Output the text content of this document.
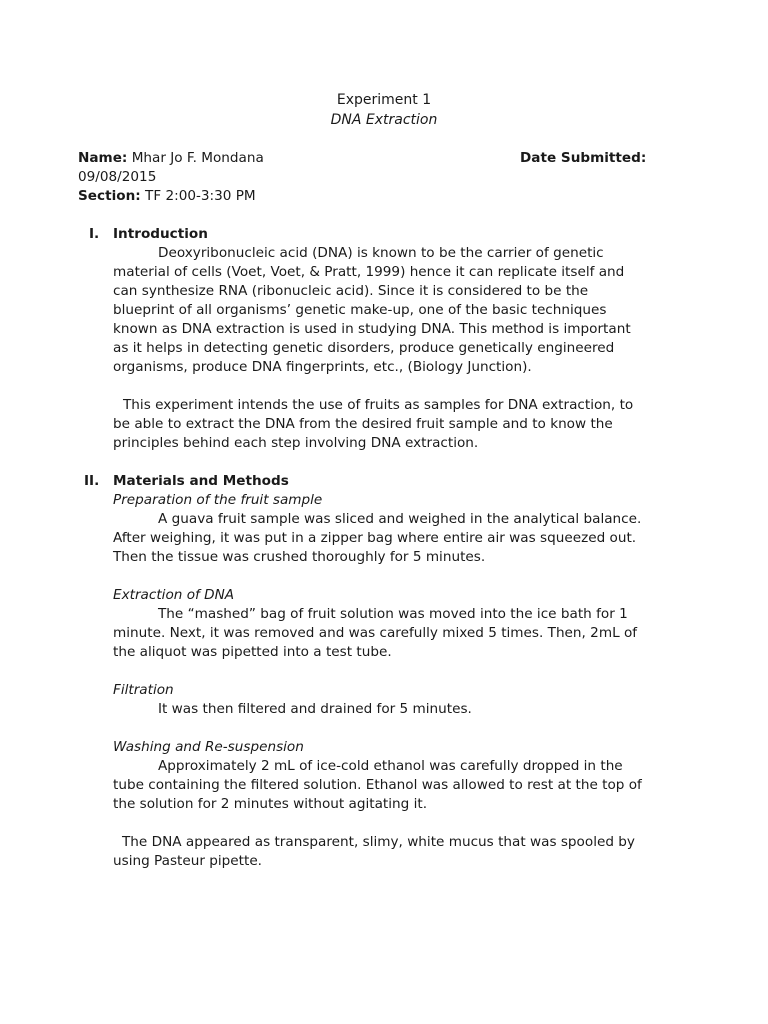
Experiment 1
DNA Extraction
Name: Mhar Jo F. Mondana	Date Submitted:
09/08/2015
Section: TF 2:00-3:30 PM
I. Introduction
Deoxyribonucleic acid (DNA) is known to be the carrier of genetic
material of cells (Voet, Voet, & Pratt, 1999) hence it can replicate itself and
can synthesize RNA (ribonucleic acid). Since it is considered to be the
blueprint of all organisms’ genetic make-up, one of the basic techniques
known as DNA extraction is used in studying DNA. This method is important
as it helps in detecting genetic disorders, produce genetically engineered
organisms, produce DNA fingerprints, etc., (Biology Junction).
This experiment intends the use of fruits as samples for DNA extraction, to
be able to extract the DNA from the desired fruit sample and to know the
principles behind each step involving DNA extraction.
II. Materials and Methods
Preparation of the fruit sample
A guava fruit sample was sliced and weighed in the analytical balance.
After weighing, it was put in a zipper bag where entire air was squeezed out.
Then the tissue was crushed thoroughly for 5 minutes.
Extraction of DNA
The “mashed” bag of fruit solution was moved into the ice bath for 1
minute. Next, it was removed and was carefully mixed 5 times. Then, 2mL of
the aliquot was pipetted into a test tube.
Filtration
It was then filtered and drained for 5 minutes.
Washing and Re-suspension
Approximately 2 mL of ice-cold ethanol was carefully dropped in the
tube containing the filtered solution. Ethanol was allowed to rest at the top of
the solution for 2 minutes without agitating it.
The DNA appeared as transparent, slimy, white mucus that was spooled by
using Pasteur pipette.
